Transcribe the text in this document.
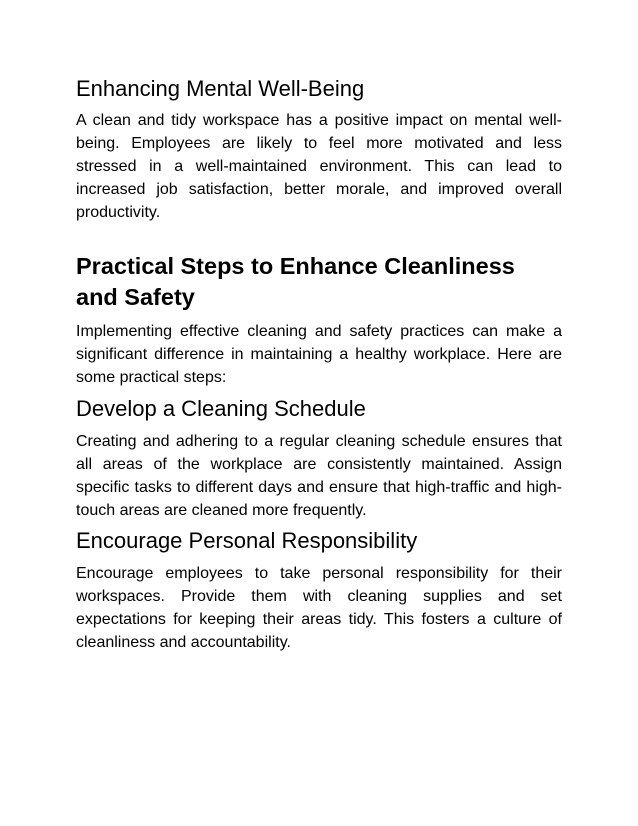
Enhancing Mental Well-Being

A clean and tidy workspace has a positive impact on mental well-being. Employees are likely to feel more motivated and less stressed in a well-maintained environment. This can lead to increased job satisfaction, better morale, and improved overall productivity.

Practical Steps to Enhance Cleanliness and Safety

Implementing effective cleaning and safety practices can make a significant difference in maintaining a healthy workplace. Here are some practical steps:

Develop a Cleaning Schedule

Creating and adhering to a regular cleaning schedule ensures that all areas of the workplace are consistently maintained. Assign specific tasks to different days and ensure that high-traffic and high-touch areas are cleaned more frequently.

Encourage Personal Responsibility

Encourage employees to take personal responsibility for their workspaces. Provide them with cleaning supplies and set expectations for keeping their areas tidy. This fosters a culture of cleanliness and accountability.
